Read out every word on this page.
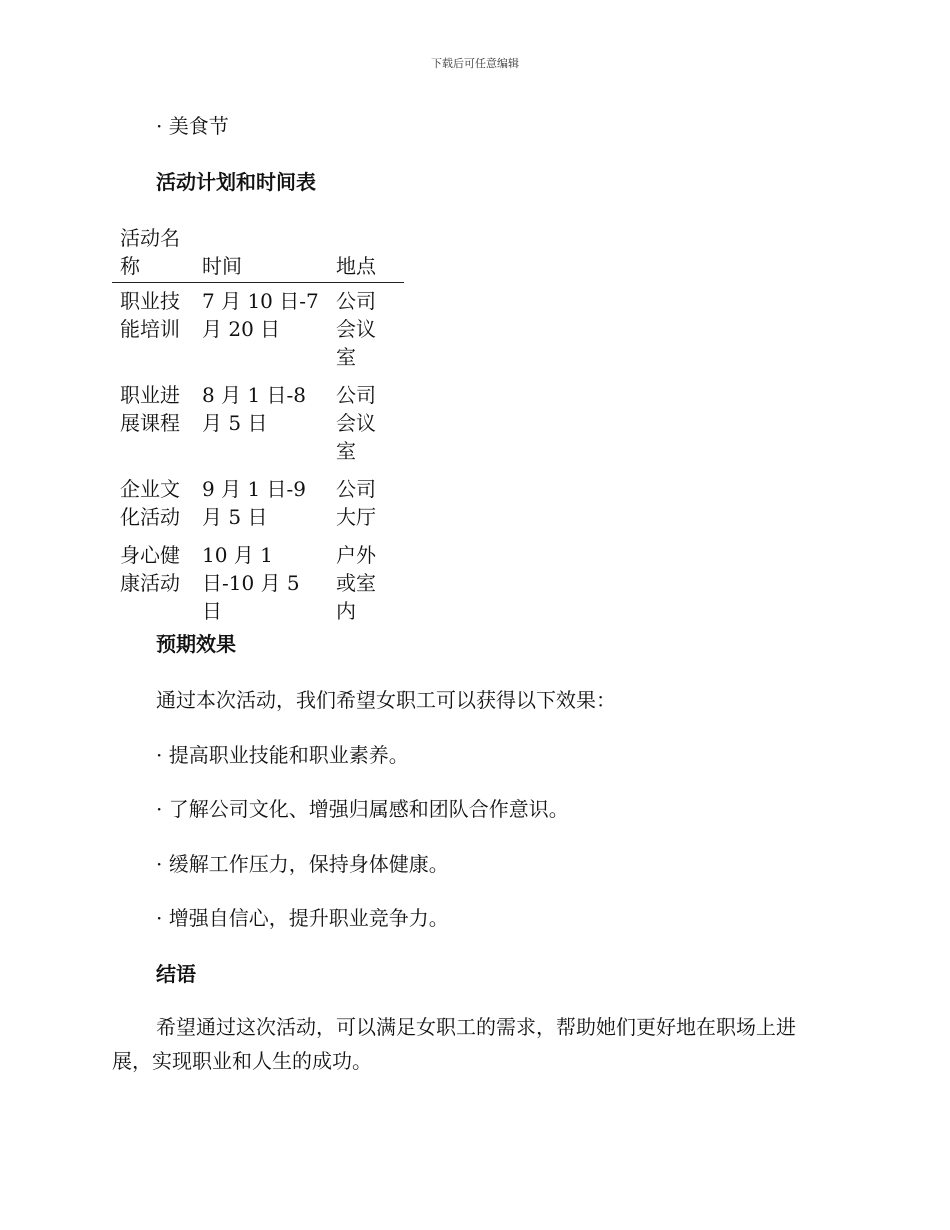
下载后可任意编辑
· 美食节
活动计划和时间表
活动名称	时间	地点
职业技能培训	7 月 10 日-7 月 20 日	公司会议室
职业进展课程	8 月 1 日-8 月 5 日	公司会议室
企业文化活动	9 月 1 日-9 月 5 日	公司大厅
身心健康活动	10 月 1 日-10 月 5 日	户外或室内
预期效果
通过本次活动，我们希望女职工可以获得以下效果：
· 提高职业技能和职业素养。
· 了解公司文化、增强归属感和团队合作意识。
· 缓解工作压力，保持身体健康。
· 增强自信心，提升职业竞争力。
结语
希望通过这次活动，可以满足女职工的需求，帮助她们更好地在职场上进展，实现职业和人生的成功。
